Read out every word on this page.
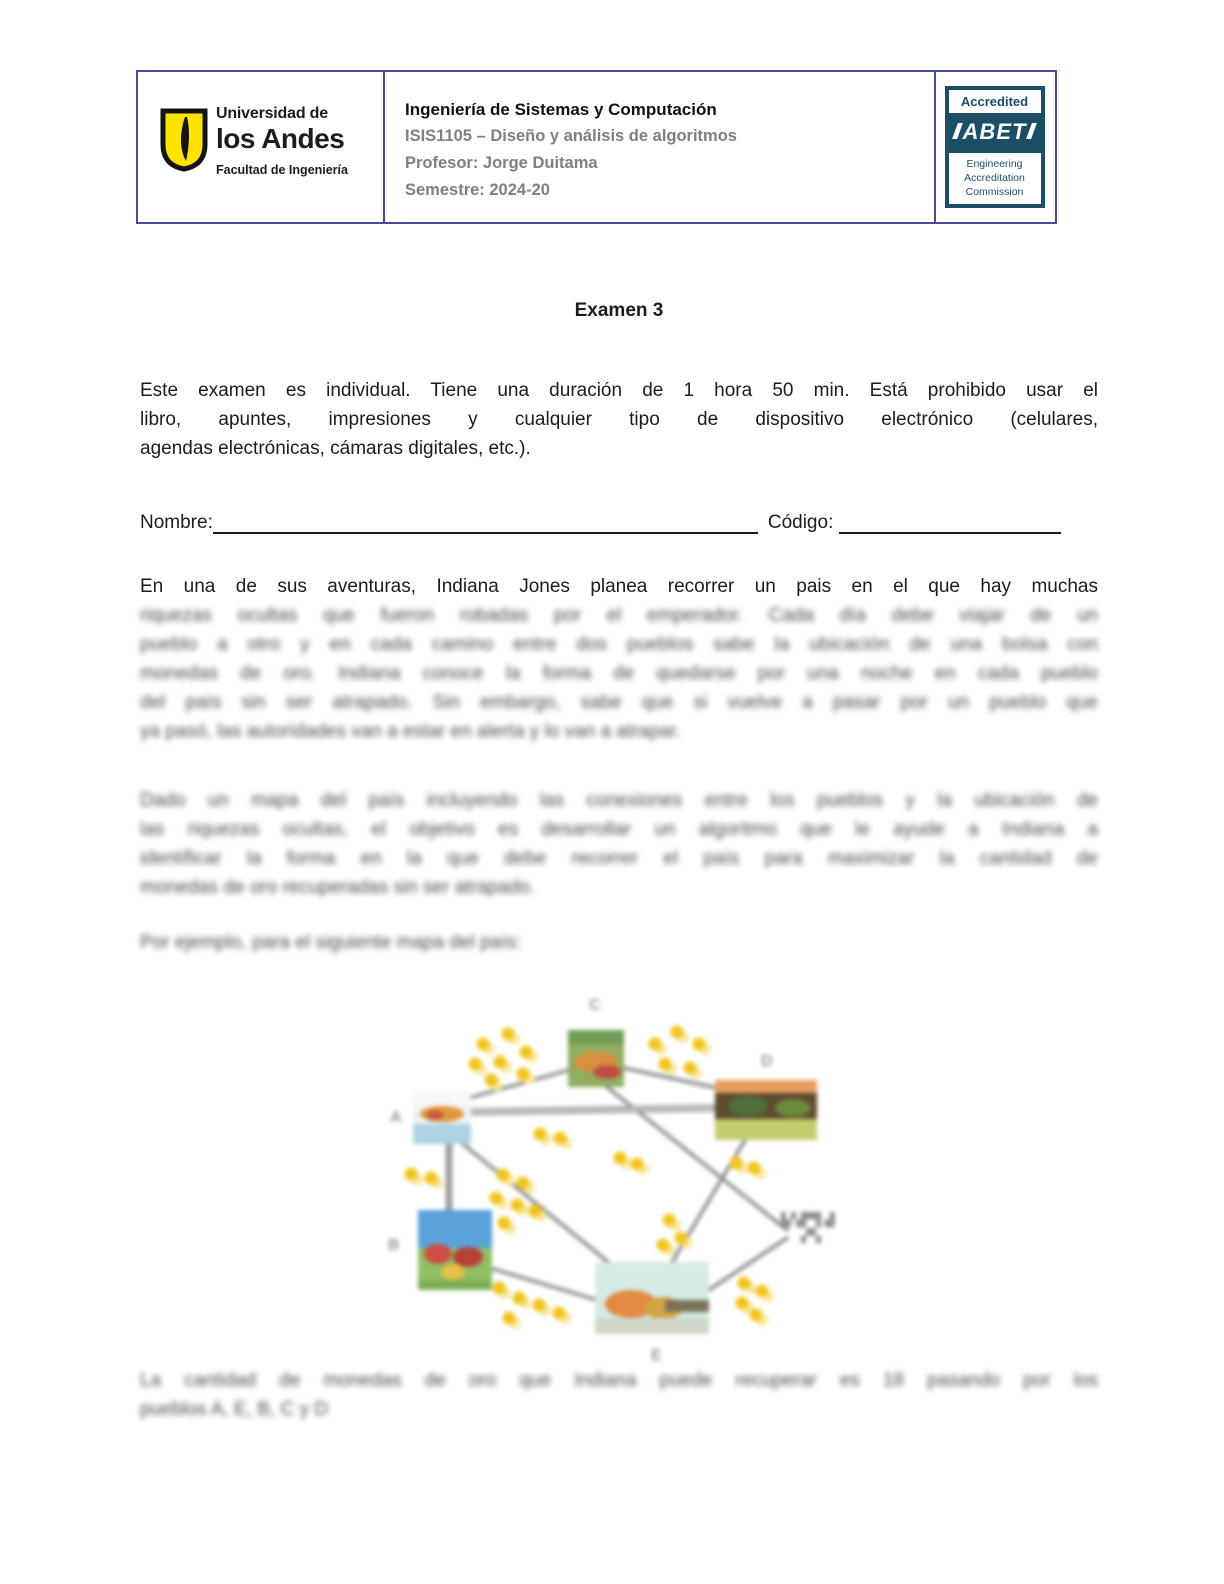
Universidad de
los Andes
Facultad de Ingeniería
Ingeniería de Sistemas y Computación
ISIS1105 – Diseño y análisis de algoritmos
Profesor: Jorge Duitama
Semestre: 2024-20
Accredited
ABET
Engineering
Accreditation
Commission
Examen 3
Este examen es individual. Tiene una duración de 1 hora 50 min. Está prohibido usar el
libro, apuntes, impresiones y cualquier tipo de dispositivo electrónico (celulares,
agendas electrónicas, cámaras digitales, etc.).
Nombre:	Código:
En una de sus aventuras, Indiana Jones planea recorrer un pais en el que hay muchas
riquezas ocultas que fueron robadas por el emperador. Cada día debe viajar de un
pueblo a otro y en cada camino entre dos pueblos sabe la ubicación de una bolsa con
monedas de oro. Indiana conoce la forma de quedarse por una noche en cada pueblo
del país sin ser atrapado. Sin embargo, sabe que si vuelve a pasar por un pueblo que
ya pasó, las autoridades van a estar en alerta y lo van a atrapar.
Dado un mapa del país incluyendo las conexiones entre los pueblos y la ubicación de
las riquezas ocultas, el objetivo es desarrollar un algoritmo que le ayude a Indiana a
identificar la forma en la que debe recorrer el país para maximizar la cantidad de
monedas de oro recuperadas sin ser atrapado.
Por ejemplo, para el siguiente mapa del país:
A
B
C
D
E
▙▚▛▜ ▟
▞▚
La cantidad de monedas de oro que Indiana puede recuperar es 18 pasando por los
pueblos A, E, B, C y D
